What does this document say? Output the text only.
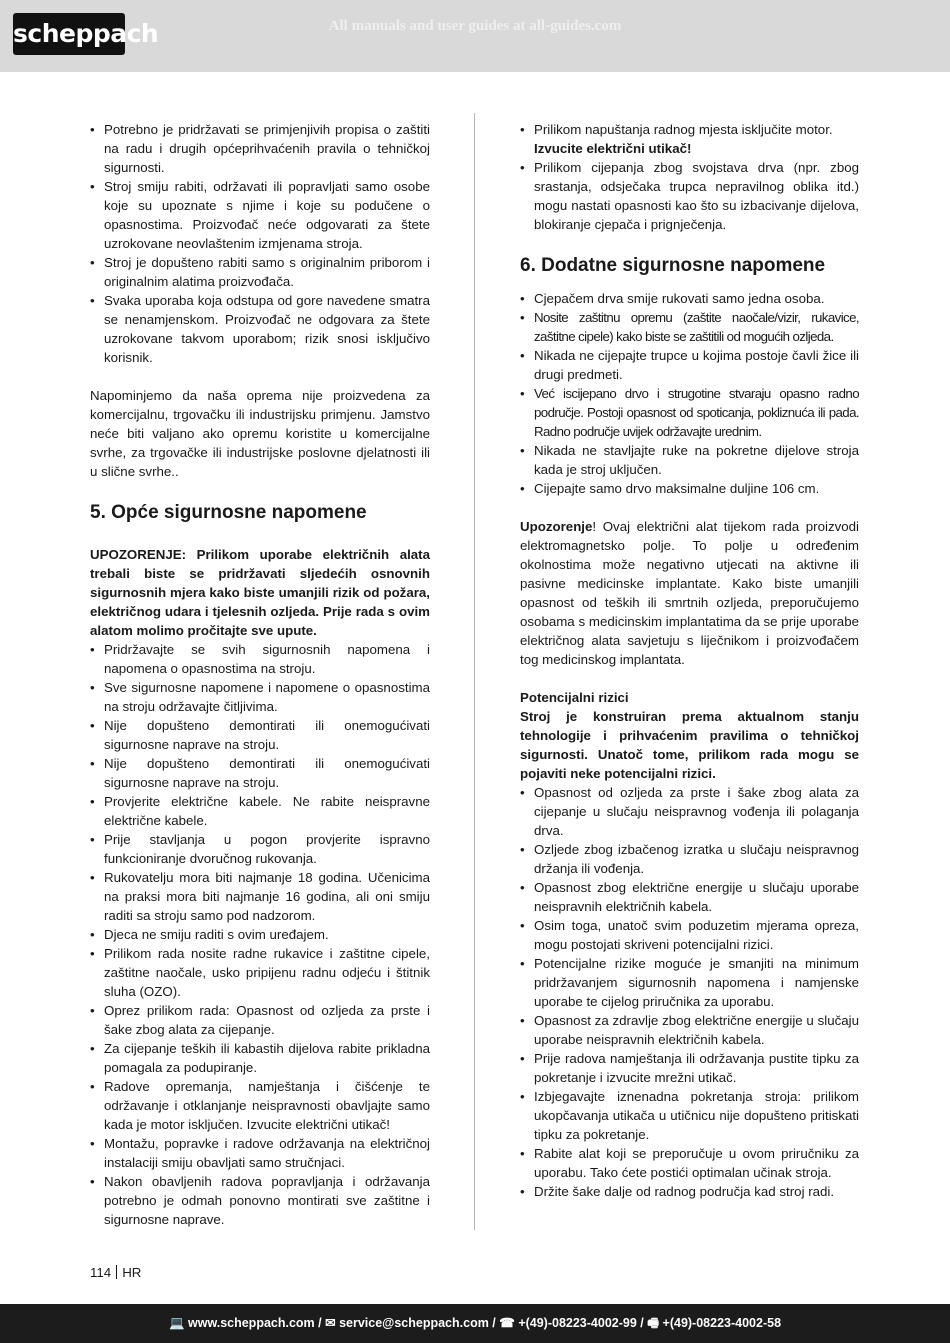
scheppach	All manuals and user guides at all-guides.com
• Potrebno je pridržavati se primjenjivih propisa o zaštiti na radu i drugih općeprihvaćenih pravila o tehničkoj sigurnosti.
• Stroj smiju rabiti, održavati ili popravljati samo osobe koje su upoznate s njime i koje su podučene o opasnostima. Proizvođač neće odgovarati za štete uzrokovane neovlaštenim izmjenama stroja.
• Stroj je dopušteno rabiti samo s originalnim priborom i originalnim alatima proizvođača.
• Svaka uporaba koja odstupa od gore navedene smatra se nenamjenskom. Proizvođač ne odgovara za štete uzrokovane takvom uporabom; rizik snosi isključivo korisnik.

Napominjemo da naša oprema nije proizvedena za komercijalnu, trgovačku ili industrijsku primjenu. Jamstvo neće biti valjano ako opremu koristite u komercijalne svrhe, za trgovačke ili industrijske poslovne djelatnosti ili u slične svrhe..

5. Opće sigurnosne napomene

UPOZORENJE: Prilikom uporabe električnih alata trebali biste se pridržavati sljedećih osnovnih sigurnosnih mjera kako biste umanjili rizik od požara, električnog udara i tjelesnih ozljeda. Prije rada s ovim alatom molimo pročitajte sve upute.

• Pridržavajte se svih sigurnosnih napomena i napomena o opasnostima na stroju.
• Sve sigurnosne napomene i napomene o opasnostima na stroju održavajte čitljivima.
• Nije dopušteno demontirati ili onemogućivati sigurnosne naprave na stroju.
• Nije dopušteno demontirati ili onemogućivati sigurnosne naprave na stroju.
• Provjerite električne kabele. Ne rabite neispravne električne kabele.
• Prije stavljanja u pogon provjerite ispravno funkcioniranje dvoručnog rukovanja.
• Rukovatelju mora biti najmanje 18 godina. Učenicima na praksi mora biti najmanje 16 godina, ali oni smiju raditi sa stroju samo pod nadzorom.
• Djeca ne smiju raditi s ovim uređajem.
• Prilikom rada nosite radne rukavice i zaštitne cipele, zaštitne naočale, usko pripijenu radnu odjeću i štitnik sluha (OZO).
• Oprez prilikom rada: Opasnost od ozljeda za prste i šake zbog alata za cijepanje.
• Za cijepanje teških ili kabastih dijelova rabite prikladna pomagala za podupiranje.
• Radove opremanja, namještanja i čišćenje te održavanje i otklanjanje neispravnosti obavljajte samo kada je motor isključen. Izvucite električni utikač!
• Montažu, popravke i radove održavanja na električnoj instalaciji smiju obavljati samo stručnjaci.
• Nakon obavljenih radova popravljanja i održavanja potrebno je odmah ponovno montirati sve zaštitne i sigurnosne naprave.
• Prilikom napuštanja radnog mjesta isključite motor.
Izvucite električni utikač!
• Prilikom cijepanja zbog svojstava drva (npr. zbog srastanja, odsječaka trupca nepravilnog oblika itd.) mogu nastati opasnosti kao što su izbacivanje dijelova, blokiranje cjepača i prignječenja.
6. Dodatne sigurnosne napomene
• Cjepačem drva smije rukovati samo jedna osoba.
• Nosite zaštitnu opremu (zaštite naočale/vizir, rukavice, zaštitne cipele) kako biste se zaštitili od mogućih ozljeda.
• Nikada ne cijepajte trupce u kojima postoje čavli žice ili drugi predmeti.
• Već iscijepano drvo i strugotine stvaraju opasno radno područje. Postoji opasnost od spoticanja, pokliznuća ili pada. Radno područje uvijek održavajte urednim.
• Nikada ne stavljajte ruke na pokretne dijelove stroja kada je stroj uključen.
• Cijepajte samo drvo maksimalne duljine 106 cm.

Upozorenje! Ovaj električni alat tijekom rada proizvodi elektromagnetsko polje. To polje u određenim okolnostima može negativno utjecati na aktivne ili pasivne medicinske implantate. Kako biste umanjili opasnost od teških ili smrtnih ozljeda, preporučujemo osobama s medicinskim implantatima da se prije uporabe električnog alata savjetuju s liječnikom i proizvođačem tog medicinskog implantata.

Potencijalni rizici

Stroj je konstruiran prema aktualnom stanju tehnologije i prihvaćenim pravilima o tehničkoj sigurnosti. Unatoč tome, prilikom rada mogu se pojaviti neke potencijalni rizici.

• Opasnost od ozljeda za prste i šake zbog alata za cijepanje u slučaju neispravnog vođenja ili polaganja drva.
• Ozljede zbog izbačenog izratka u slučaju neispravnog držanja ili vođenja.
• Opasnost zbog električne energije u slučaju uporabe neispravnih električnih kabela.
• Osim toga, unatoč svim poduzetim mjerama opreza, mogu postojati skriveni potencijalni rizici.
• Potencijalne rizike moguće je smanjiti na minimum pridržavanjem sigurnosnih napomena i namjenske uporabe te cijelog priručnika za uporabu.
• Opasnost za zdravlje zbog električne energije u slučaju uporabe neispravnih električnih kabela.
• Prije radova namještanja ili održavanja pustite tipku za pokretanje i izvucite mrežni utikač.
• Izbjegavajte iznenadna pokretanja stroja: prilikom ukopčavanja utikača u utičnicu nije dopušteno pritiskati tipku za pokretanje.
• Rabite alat koji se preporučuje u ovom priručniku za uporabu. Tako ćete postići optimalan učinak stroja.
• Držite šake dalje od radnog područja kad stroj radi.
114 HR
💻 www.scheppach.com / ✉ service@scheppach.com / ☎ +(49)-08223-4002-99 / 🖷 +(49)-08223-4002-58
